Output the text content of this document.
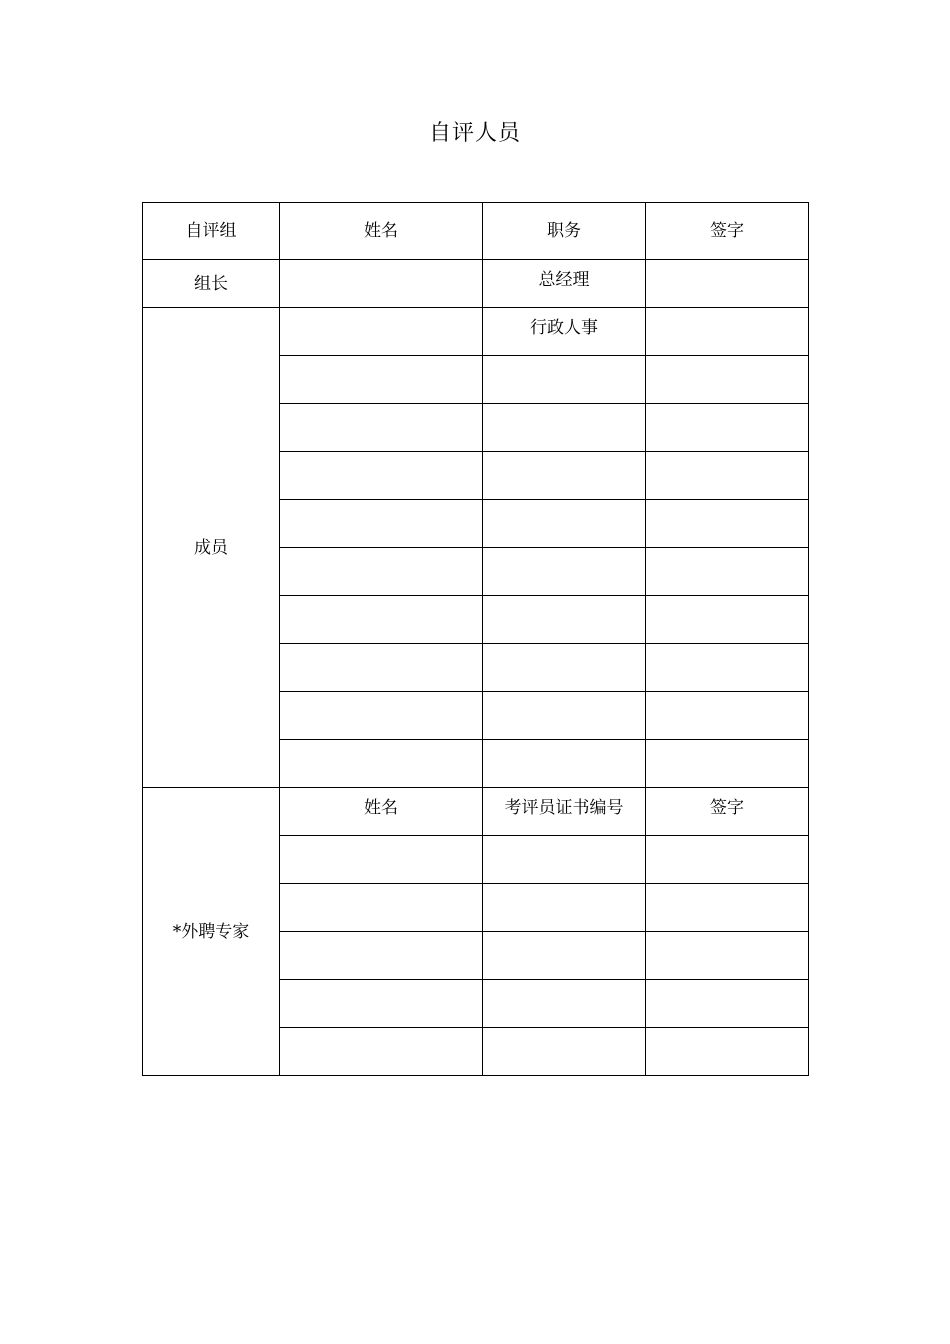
自评人员
自评组	姓名	职务	签字
组长		总经理	
成员		行政人事	

*外聘专家	姓名	考评员证书编号	签字
